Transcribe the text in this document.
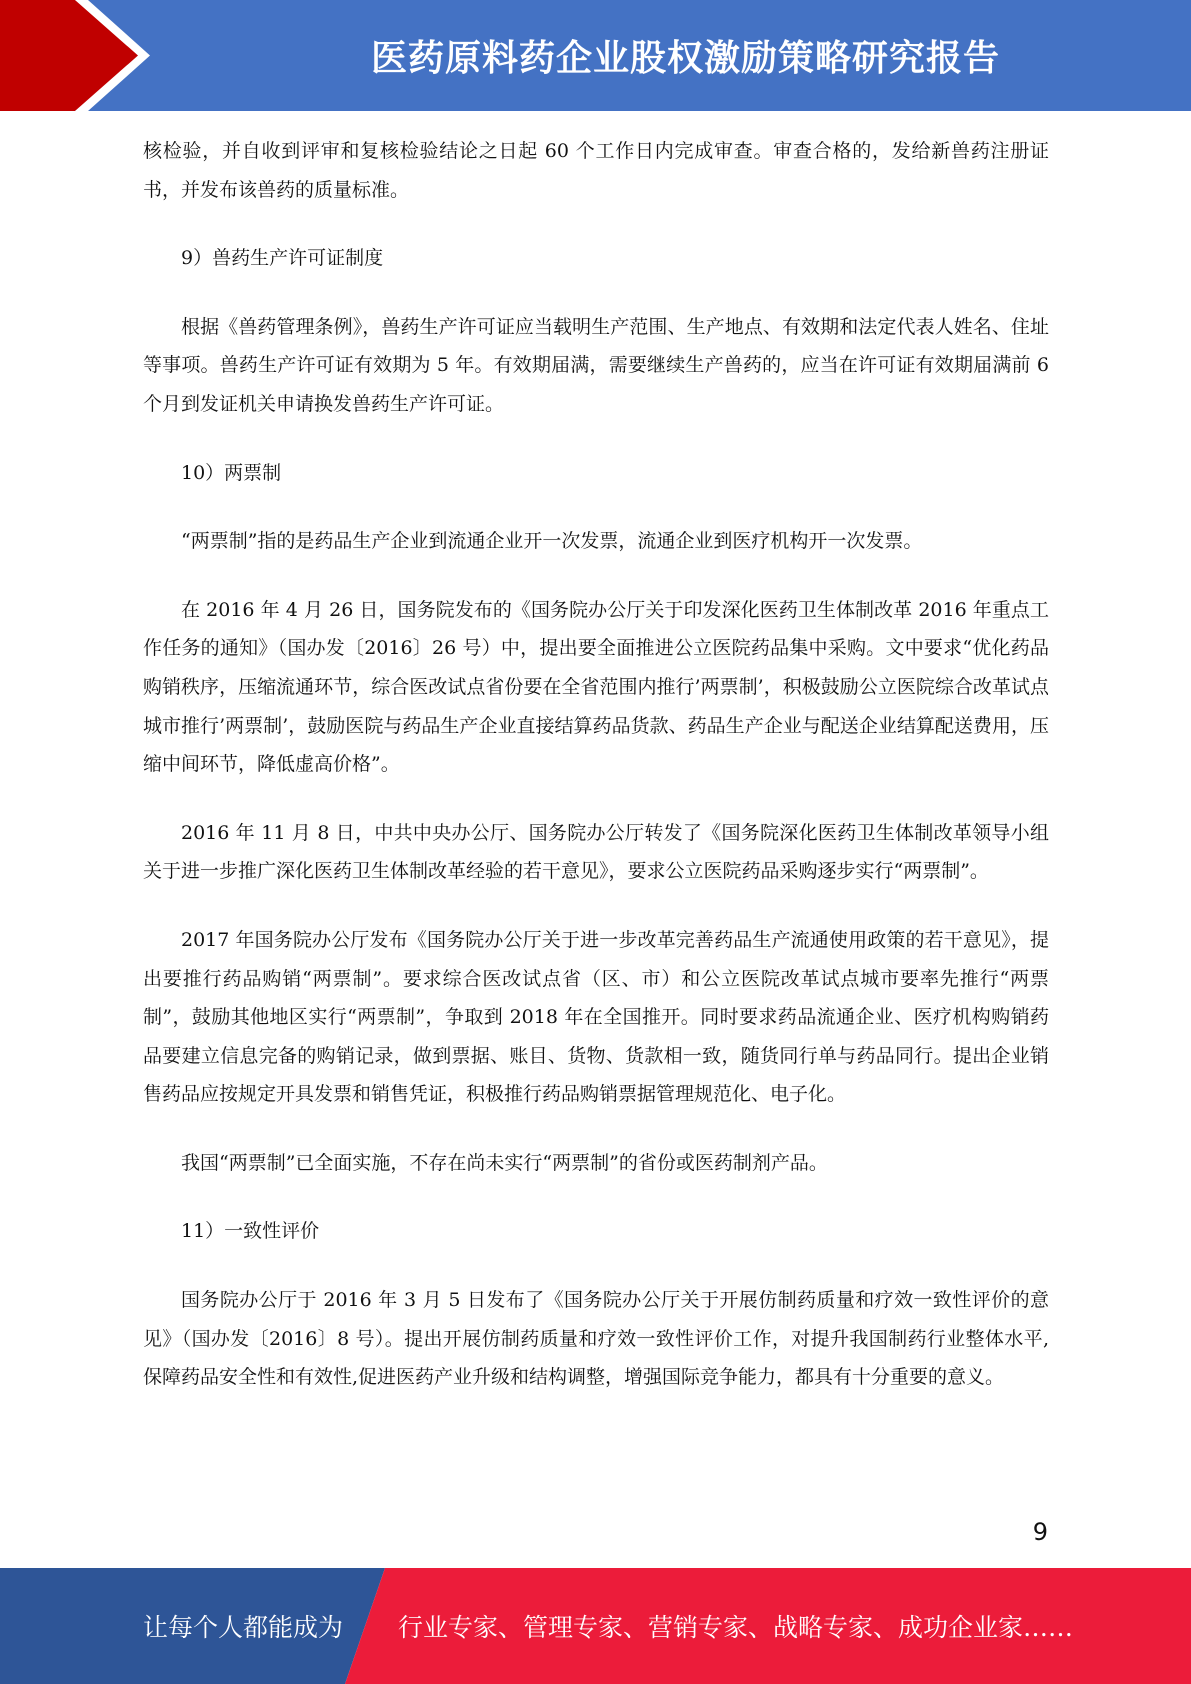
医药原料药企业股权激励策略研究报告

核检验，并自收到评审和复核检验结论之日起 60 个工作日内完成审查。审查合格的，发给新兽药注册证书，并发布该兽药的质量标准。

9）兽药生产许可证制度

根据《兽药管理条例》，兽药生产许可证应当载明生产范围、生产地点、有效期和法定代表人姓名、住址等事项。兽药生产许可证有效期为 5 年。有效期届满，需要继续生产兽药的，应当在许可证有效期届满前 6 个月到发证机关申请换发兽药生产许可证。

10）两票制

“两票制”指的是药品生产企业到流通企业开一次发票，流通企业到医疗机构开一次发票。

在 2016 年 4 月 26 日，国务院发布的《国务院办公厅关于印发深化医药卫生体制改革 2016 年重点工作任务的通知》（国办发〔2016〕26 号）中，提出要全面推进公立医院药品集中采购。文中要求“优化药品购销秩序，压缩流通环节，综合医改试点省份要在全省范围内推行’两票制’，积极鼓励公立医院综合改革试点城市推行’两票制’，鼓励医院与药品生产企业直接结算药品货款、药品生产企业与配送企业结算配送费用，压缩中间环节，降低虚高价格”。

2016 年 11 月 8 日，中共中央办公厅、国务院办公厅转发了《国务院深化医药卫生体制改革领导小组关于进一步推广深化医药卫生体制改革经验的若干意见》，要求公立医院药品采购逐步实行“两票制”。

2017 年国务院办公厅发布《国务院办公厅关于进一步改革完善药品生产流通使用政策的若干意见》，提出要推行药品购销“两票制”。要求综合医改试点省（区、市）和公立医院改革试点城市要率先推行“两票制”，鼓励其他地区实行“两票制”，争取到 2018 年在全国推开。同时要求药品流通企业、医疗机构购销药品要建立信息完备的购销记录，做到票据、账目、货物、货款相一致，随货同行单与药品同行。提出企业销售药品应按规定开具发票和销售凭证，积极推行药品购销票据管理规范化、电子化。

我国“两票制”已全面实施，不存在尚未实行“两票制”的省份或医药制剂产品。

11）一致性评价

国务院办公厅于 2016 年 3 月 5 日发布了《国务院办公厅关于开展仿制药质量和疗效一致性评价的意见》（国办发〔2016〕8 号）。提出开展仿制药质量和疗效一致性评价工作，对提升我国制药行业整体水平,保障药品安全性和有效性,促进医药产业升级和结构调整，增强国际竞争能力，都具有十分重要的意义。

9
让每个人都能成为 行业专家、管理专家、营销专家、战略专家、成功企业家……
